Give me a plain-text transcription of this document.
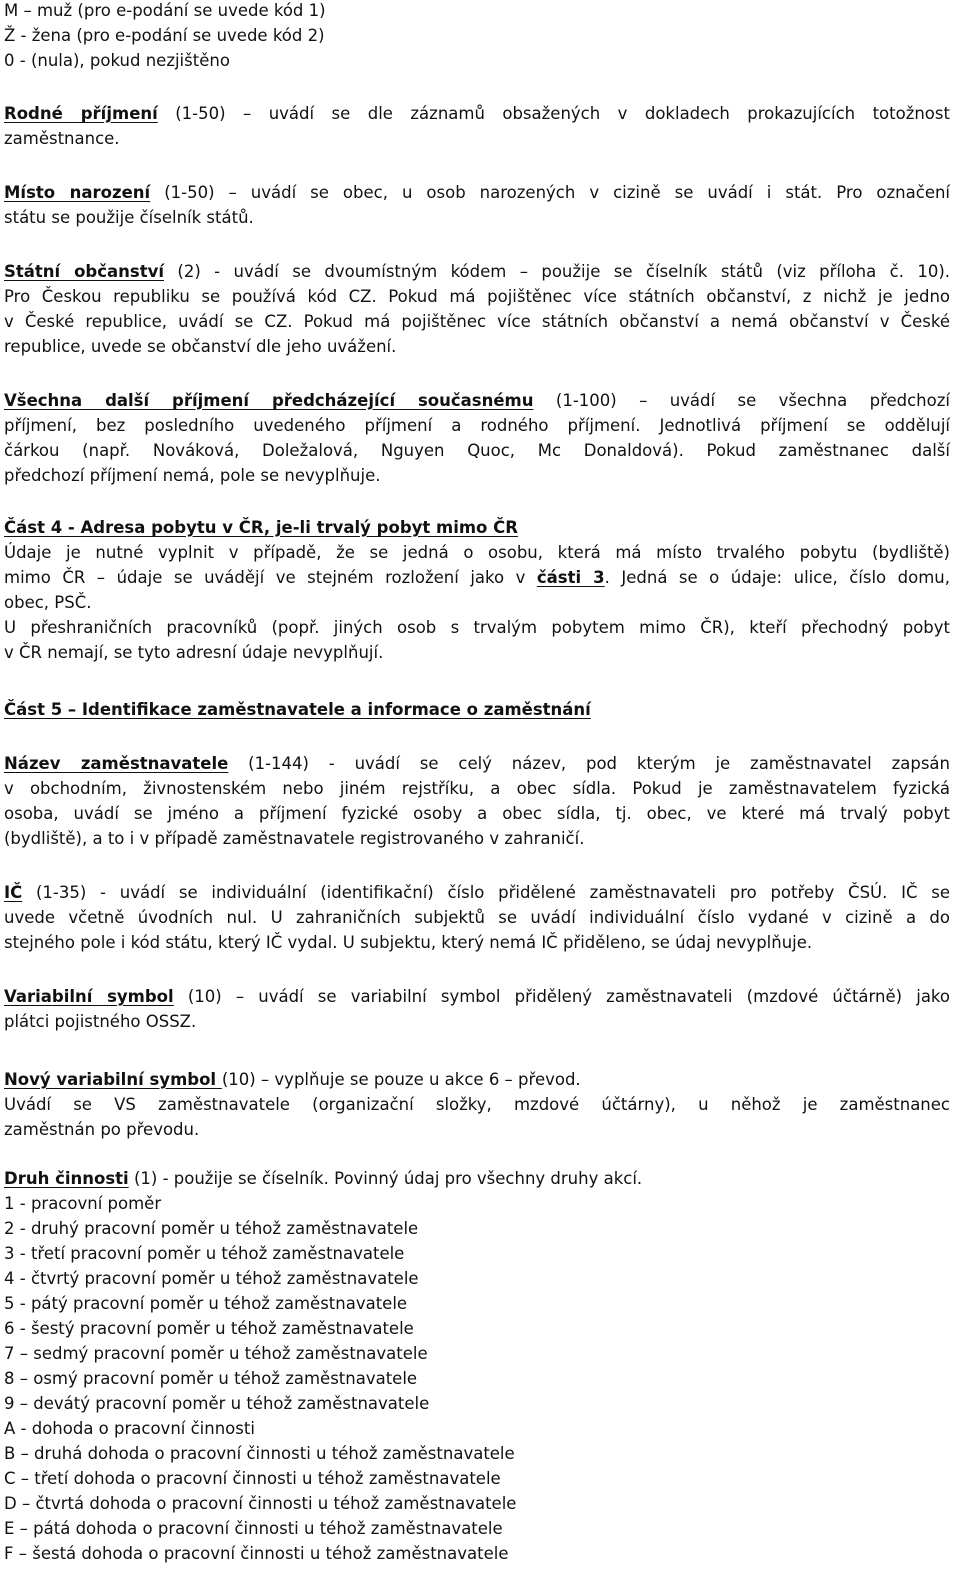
M – muž (pro e-podání se uvede kód 1)
Ž - žena (pro e-podání se uvede kód 2)
0 - (nula), pokud nezjištěno
Rodné příjmení (1-50) – uvádí se dle záznamů obsažených v dokladech prokazujících totožnost
zaměstnance.
Místo narození (1-50) – uvádí se obec, u osob narozených v cizině se uvádí i stát. Pro označení
státu se použije číselník států.
Státní občanství (2) - uvádí se dvoumístným kódem – použije se číselník států (viz příloha č. 10).
Pro Českou republiku se používá kód CZ. Pokud má pojištěnec více státních občanství, z nichž je jedno
v České republice, uvádí se CZ. Pokud má pojištěnec více státních občanství a nemá občanství v České
republice, uvede se občanství dle jeho uvážení.
Všechna další příjmení předcházející současnému (1-100) – uvádí se všechna předchozí
příjmení, bez posledního uvedeného příjmení a rodného příjmení. Jednotlivá příjmení se oddělují
čárkou (např. Nováková, Doležalová, Nguyen Quoc, Mc Donaldová). Pokud zaměstnanec další
předchozí příjmení nemá, pole se nevyplňuje.
Část 4 - Adresa pobytu v ČR, je-li trvalý pobyt mimo ČR
Údaje je nutné vyplnit v případě, že se jedná o osobu, která má místo trvalého pobytu (bydliště)
mimo ČR – údaje se uvádějí ve stejném rozložení jako v části 3. Jedná se o údaje: ulice, číslo domu,
obec, PSČ.
U přeshraničních pracovníků (popř. jiných osob s trvalým pobytem mimo ČR), kteří přechodný pobyt
v ČR nemají, se tyto adresní údaje nevyplňují.
Část 5 – Identifikace zaměstnavatele a informace o zaměstnání
Název zaměstnavatele (1-144) - uvádí se celý název, pod kterým je zaměstnavatel zapsán
v obchodním, živnostenském nebo jiném rejstříku, a obec sídla. Pokud je zaměstnavatelem fyzická
osoba, uvádí se jméno a příjmení fyzické osoby a obec sídla, tj. obec, ve které má trvalý pobyt
(bydliště), a to i v případě zaměstnavatele registrovaného v zahraničí.
IČ (1-35) - uvádí se individuální (identifikační) číslo přidělené zaměstnavateli pro potřeby ČSÚ. IČ se
uvede včetně úvodních nul. U zahraničních subjektů se uvádí individuální číslo vydané v cizině a do
stejného pole i kód státu, který IČ vydal. U subjektu, který nemá IČ přiděleno, se údaj nevyplňuje.
Variabilní symbol (10) – uvádí se variabilní symbol přidělený zaměstnavateli (mzdové účtárně) jako
plátci pojistného OSSZ.
Nový variabilní symbol (10) – vyplňuje se pouze u akce 6 – převod.
Uvádí se VS zaměstnavatele (organizační složky, mzdové účtárny), u něhož je zaměstnanec
zaměstnán po převodu.
Druh činnosti (1) - použije se číselník. Povinný údaj pro všechny druhy akcí.
1 - pracovní poměr
2 - druhý pracovní poměr u téhož zaměstnavatele
3 - třetí pracovní poměr u téhož zaměstnavatele
4 - čtvrtý pracovní poměr u téhož zaměstnavatele
5 - pátý pracovní poměr u téhož zaměstnavatele
6 - šestý pracovní poměr u téhož zaměstnavatele
7 – sedmý pracovní poměr u téhož zaměstnavatele
8 – osmý pracovní poměr u téhož zaměstnavatele
9 – devátý pracovní poměr u téhož zaměstnavatele
A - dohoda o pracovní činnosti
B – druhá dohoda o pracovní činnosti u téhož zaměstnavatele
C – třetí dohoda o pracovní činnosti u téhož zaměstnavatele
D – čtvrtá dohoda o pracovní činnosti u téhož zaměstnavatele
E – pátá dohoda o pracovní činnosti u téhož zaměstnavatele
F – šestá dohoda o pracovní činnosti u téhož zaměstnavatele
